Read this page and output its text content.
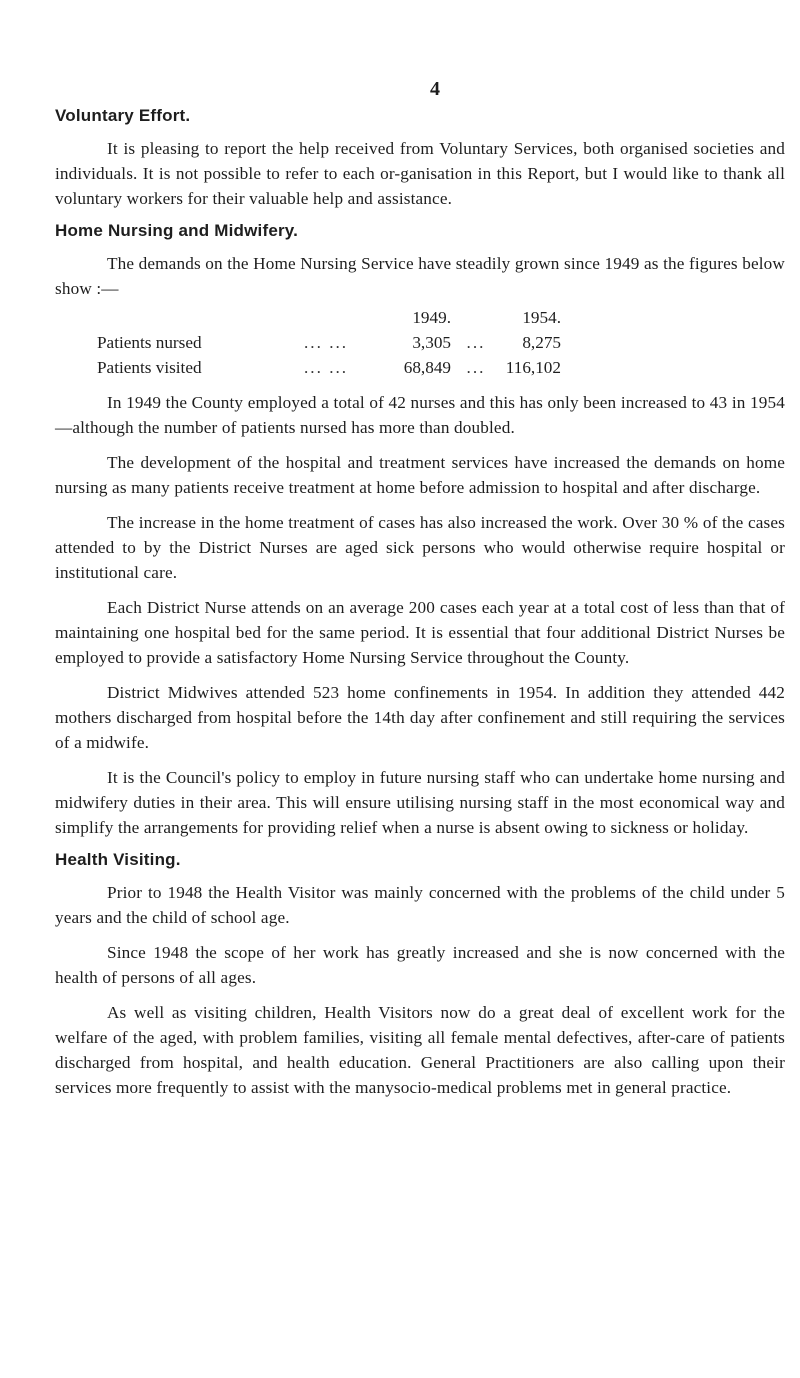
4
Voluntary Effort.

It is pleasing to report the help received from Voluntary Services, both organised societies and individuals. It is not possible to refer to each or-ganisation in this Report, but I would like to thank all voluntary workers for their valuable help and assistance.

Home Nursing and Midwifery.

The demands on the Home Nursing Service have steadily grown since 1949 as the figures below show :—

		1949.		1954.
Patients nursed	... ...	3,305	...	8,275
Patients visited	... ...	68,849	...	116,102

In 1949 the County employed a total of 42 nurses and this has only been increased to 43 in 1954—although the number of patients nursed has more than doubled.

The development of the hospital and treatment services have increased the demands on home nursing as many patients receive treatment at home before admission to hospital and after discharge.

The increase in the home treatment of cases has also increased the work. Over 30 % of the cases attended to by the District Nurses are aged sick persons who would otherwise require hospital or institutional care.

Each District Nurse attends on an average 200 cases each year at a total cost of less than that of maintaining one hospital bed for the same period. It is essential that four additional District Nurses be employed to provide a satisfactory Home Nursing Service throughout the County.

District Midwives attended 523 home confinements in 1954. In addition they attended 442 mothers discharged from hospital before the 14th day after confinement and still requiring the services of a midwife.

It is the Council's policy to employ in future nursing staff who can undertake home nursing and midwifery duties in their area. This will ensure utilising nursing staff in the most economical way and simplify the arrangements for providing relief when a nurse is absent owing to sickness or holiday.

Health Visiting.

Prior to 1948 the Health Visitor was mainly concerned with the problems of the child under 5 years and the child of school age.

Since 1948 the scope of her work has greatly increased and she is now concerned with the health of persons of all ages.

As well as visiting children, Health Visitors now do a great deal of excellent work for the welfare of the aged, with problem families, visiting all female mental defectives, after-care of patients discharged from hospital, and health education. General Practitioners are also calling upon their services more frequently to assist with the manysocio-medical problems met in general practice.
